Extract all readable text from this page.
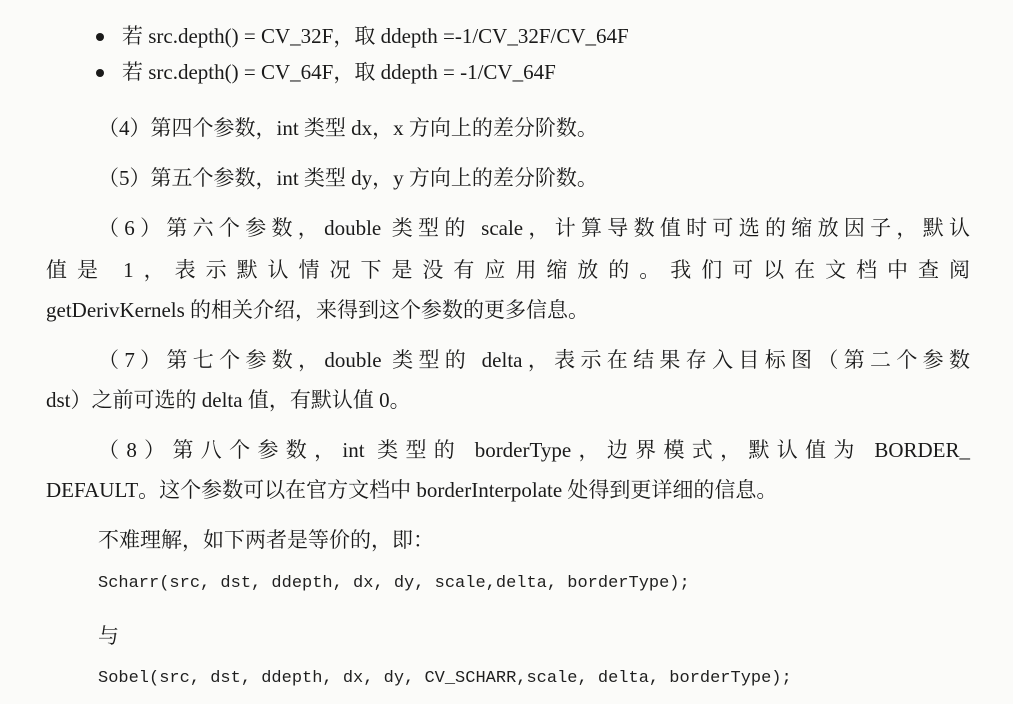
若 src.depth() = CV_32F，取 ddepth =-1/CV_32F/CV_64F
若 src.depth() = CV_64F，取 ddepth = -1/CV_64F
（4）第四个参数，int 类型 dx，x 方向上的差分阶数。
（5）第五个参数，int 类型 dy，y 方向上的差分阶数。
（6）第六个参数，double 类型的 scale，计算导数值时可选的缩放因子，默认
值是 1，表示默认情况下是没有应用缩放的。我们可以在文档中查阅
getDerivKernels 的相关介绍，来得到这个参数的更多信息。
（7）第七个参数，double 类型的 delta，表示在结果存入目标图（第二个参数
dst）之前可选的 delta 值，有默认值 0。
（8）第八个参数，int 类型的 borderType，边界模式，默认值为 BORDER_
DEFAULT。这个参数可以在官方文档中 borderInterpolate 处得到更详细的信息。
不难理解，如下两者是等价的，即：
Scharr(src, dst, ddepth, dx, dy, scale,delta, borderType);
与
Sobel(src, dst, ddepth, dx, dy, CV_SCHARR,scale, delta, borderType);
